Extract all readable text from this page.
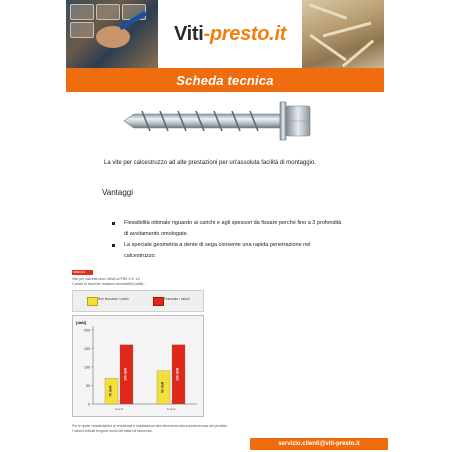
Viti-presto.it
Scheda tecnica
La vite per calcestruzzo ad alte prestazioni per un'assoluta facilità di montaggio.
Vantaggi
Flessibilità ottimale riguardo ai carichi e agli spessori da fissare perché fino a 3 profondità
di avvitamento omologate.
La speciale geometria a dente di sega consente una rapida penetrazione nel
calcestruzzo.
SDEKAS
Vite per calcestruzzo UltraCut FBS II 6 ·14
Carichi di trazione massimi ammissibili (daN) :
Non fessurato / cavito	Fessurato / calcoli
[daN]
0
50
100
150
200
70 daN
160 daN
hnom1
90 daN
160 daN
hnom2
Per le quote caratteristiche di resistenza e installazione fare riferimento alla scheda tecnica del prodotto.
I carichi indicati tengono conto dei fattori di sicurezza.
servizio.clienti@viti-presto.it
